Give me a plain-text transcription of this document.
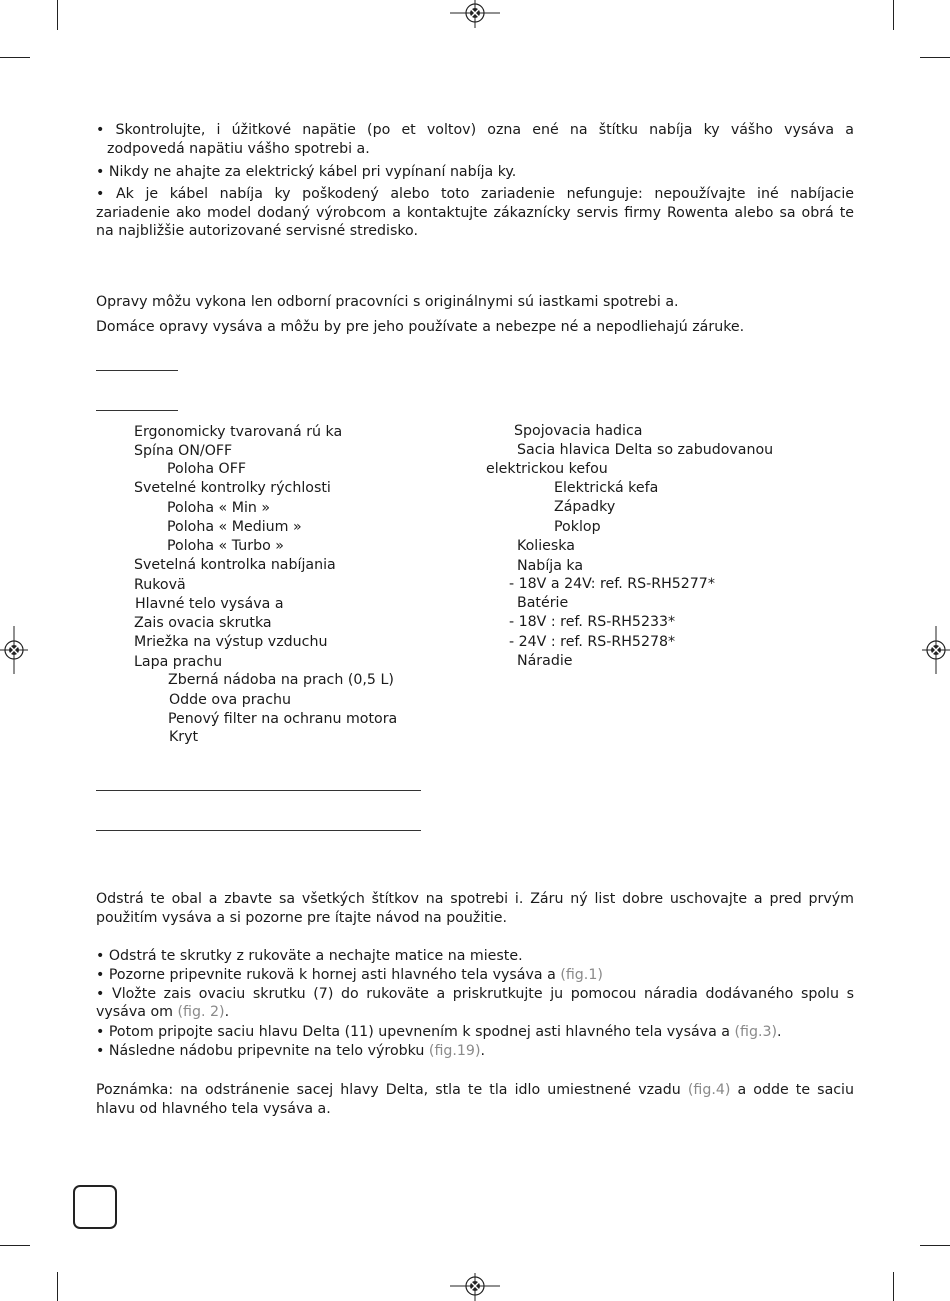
• Skontrolujte, i úžitkové napätie (po et voltov) ozna ené na štítku nabíja ky vášho vysáva a
zodpovedá napätiu vášho spotrebi a.
• Nikdy ne ahajte za elektrický kábel pri vypínaní nabíja ky.
• Ak je kábel nabíja ky poškodený alebo toto zariadenie nefunguje: nepoužívajte iné nabíjacie
zariadenie ako model dodaný výrobcom a kontaktujte zákaznícky servis firmy Rowenta alebo sa obrá te
na najbližšie autorizované servisné stredisko.
Opravy môžu vykona len odborní pracovníci s originálnymi sú iastkami spotrebi a.
Domáce opravy vysáva a môžu by pre jeho používate a nebezpe né a nepodliehajú záruke.
Ergonomicky tvarovaná rú ka
Spína ON/OFF
Poloha OFF
Svetelné kontrolky rýchlosti
Poloha « Min »
Poloha « Medium »
Poloha « Turbo »
Svetelná kontrolka nabíjania
Rukovä
Hlavné telo vysáva a
Zais ovacia skrutka
Mriežka na výstup vzduchu
Lapa prachu
Zberná nádoba na prach (0,5 L)
Odde ova prachu
Penový filter na ochranu motora
Kryt
Spojovacia hadica
Sacia hlavica Delta so zabudovanou
elektrickou kefou
Elektrická kefa
Západky
Poklop
Kolieska
Nabíja ka
- 18V a 24V: ref. RS-RH5277*
Batérie
- 18V : ref. RS-RH5233*
- 24V : ref. RS-RH5278*
Náradie
Odstrá te obal a zbavte sa všetkých štítkov na spotrebi i. Záru ný list dobre uschovajte a pred prvým
použitím vysáva a si pozorne pre ítajte návod na použitie.
• Odstrá te skrutky z rukoväte a nechajte matice na mieste.
• Pozorne pripevnite rukovä k hornej asti hlavného tela vysáva a (fig.1)
• Vložte zais ovaciu skrutku (7) do rukoväte a priskrutkujte ju pomocou náradia dodávaného spolu s
vysáva om (fig. 2).
• Potom pripojte saciu hlavu Delta (11) upevnením k spodnej asti hlavného tela vysáva a (fig.3).
• Následne nádobu pripevnite na telo výrobku (fig.19).
Poznámka: na odstránenie sacej hlavy Delta, stla te tla idlo umiestnené vzadu (fig.4) a odde te saciu
hlavu od hlavného tela vysáva a.
